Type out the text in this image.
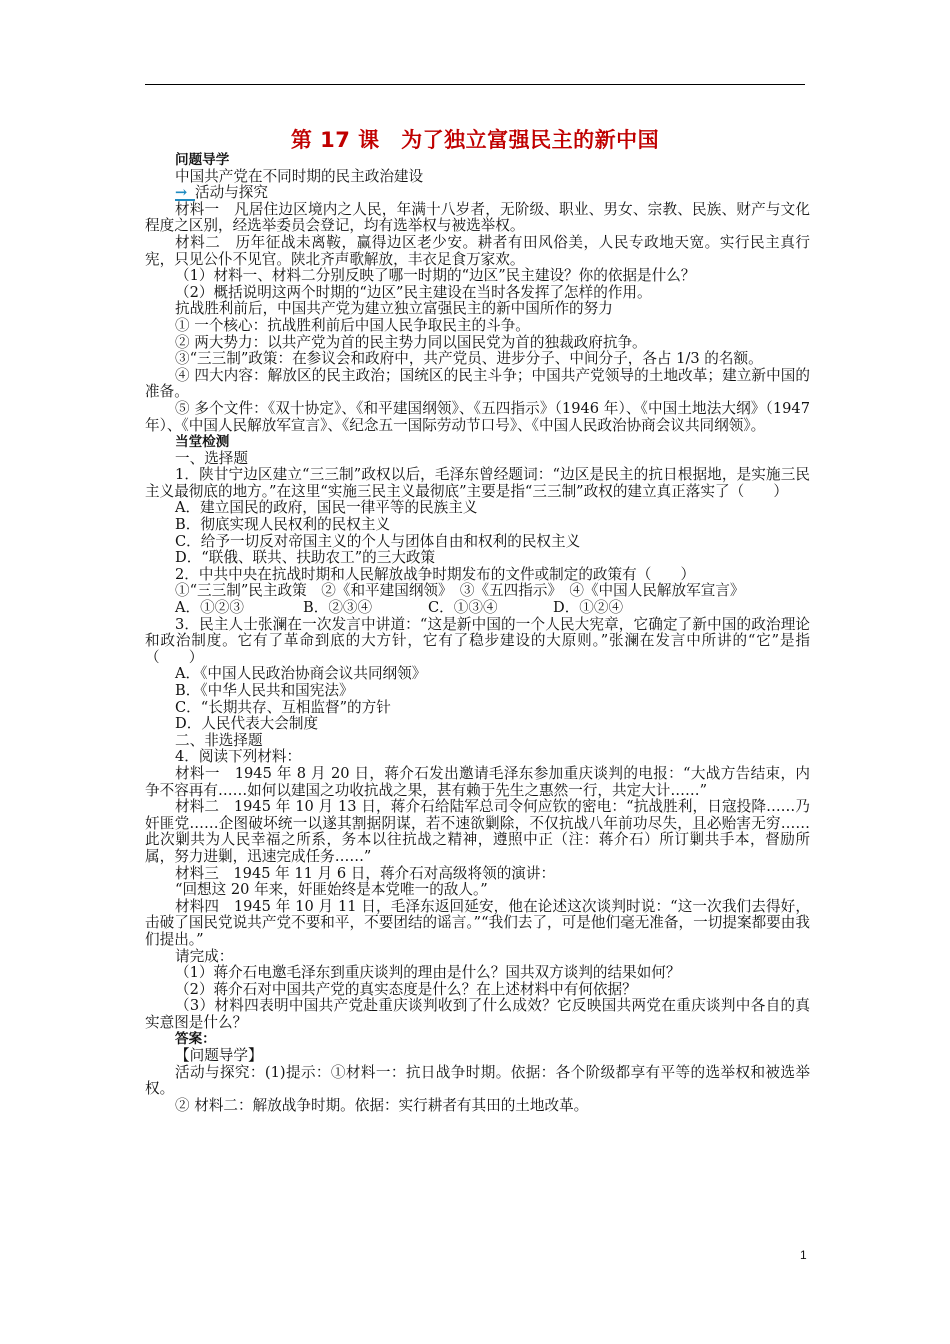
第 17 课　为了独立富强民主的新中国

问题导学

中国共产党在不同时期的民主政治建设

→ 活动与探究

材料一　凡居住边区境内之人民，年满十八岁者，无阶级、职业、男女、宗教、民族、财产与文化程度之区别，经选举委员会登记，均有选举权与被选举权。

材料二　历年征战未离鞍，赢得边区老少安。耕者有田风俗美，人民专政地天宽。实行民主真行宪，只见公仆不见官。陕北齐声歌解放，丰衣足食万家欢。

（1）材料一、材料二分别反映了哪一时期的“边区”民主建设？你的依据是什么？

（2）概括说明这两个时期的“边区”民主建设在当时各发挥了怎样的作用。

抗战胜利前后，中国共产党为建立独立富强民主的新中国所作的努力

① 一个核心：抗战胜利前后中国人民争取民主的斗争。

② 两大势力：以共产党为首的民主势力同以国民党为首的独裁政府抗争。

③“三三制”政策：在参议会和政府中，共产党员、进步分子、中间分子，各占 1/3 的名额。

④ 四大内容：解放区的民主政治；国统区的民主斗争；中国共产党领导的土地改革；建立新中国的准备。

⑤ 多个文件：《双十协定》、《和平建国纲领》、《五四指示》（1946 年）、《中国土地法大纲》（1947 年）、《中国人民解放军宣言》、《纪念五一国际劳动节口号》、《中国人民政治协商会议共同纲领》。

当堂检测

一、选择题

1．陕甘宁边区建立“三三制”政权以后，毛泽东曾经题词：“边区是民主的抗日根据地，是实施三民主义最彻底的地方。”在这里“实施三民主义最彻底”主要是指“三三制”政权的建立真正落实了（　　）

A．建立国民的政府，国民一律平等的民族主义

B．彻底实现人民权利的民权主义

C．给予一切反对帝国主义的个人与团体自由和权利的民权主义

D．“联俄、联共、扶助农工”的三大政策

2．中共中央在抗战时期和人民解放战争时期发布的文件或制定的政策有（　　）

①“三三制”民主政策　②《和平建国纲领》　③《五四指示》　④《中国人民解放军宣言》

A．①②③	B．②③④	C．①③④	D．①②④

3．民主人士张澜在一次发言中讲道：“这是新中国的一个人民大宪章，它确定了新中国的政治理论和政治制度。它有了革命到底的大方针，它有了稳步建设的大原则。”张澜在发言中所讲的“它”是指（　　）

A．《中国人民政治协商会议共同纲领》

B．《中华人民共和国宪法》

C．“长期共存、互相监督”的方针

D．人民代表大会制度

二、非选择题

4．阅读下列材料：

材料一　1945 年 8 月 20 日，蒋介石发出邀请毛泽东参加重庆谈判的电报：“大战方告结束，内争不容再有……如何以建国之功收抗战之果，甚有赖于先生之惠然一行，共定大计……”

材料二　1945 年 10 月 13 日，蒋介石给陆军总司令何应钦的密电：“抗战胜利，日寇投降……乃奸匪党……企图破坏统一以遂其割据阴谋，若不速欲剿除，不仅抗战八年前功尽失，且必贻害无穷……此次剿共为人民幸福之所系，务本以往抗战之精神，遵照中正（注：蒋介石）所订剿共手本，督励所属，努力进剿，迅速完成任务……”

材料三　1945 年 11 月 6 日，蒋介石对高级将领的演讲：

“回想这 20 年来，奸匪始终是本党唯一的敌人。”

材料四　1945 年 10 月 11 日，毛泽东返回延安，他在论述这次谈判时说：“这一次我们去得好，击破了国民党说共产党不要和平，不要团结的谣言。”“我们去了，可是他们毫无准备，一切提案都要由我们提出。”

请完成：

（1）蒋介石电邀毛泽东到重庆谈判的理由是什么？国共双方谈判的结果如何？

（2）蒋介石对中国共产党的真实态度是什么？在上述材料中有何依据？

（3）材料四表明中国共产党赴重庆谈判收到了什么成效？它反映国共两党在重庆谈判中各自的真实意图是什么？

答案：

【问题导学】

活动与探究：(1)提示：①材料一：抗日战争时期。依据：各个阶级都享有平等的选举权和被选举权。

② 材料二：解放战争时期。依据：实行耕者有其田的土地改革。

1
